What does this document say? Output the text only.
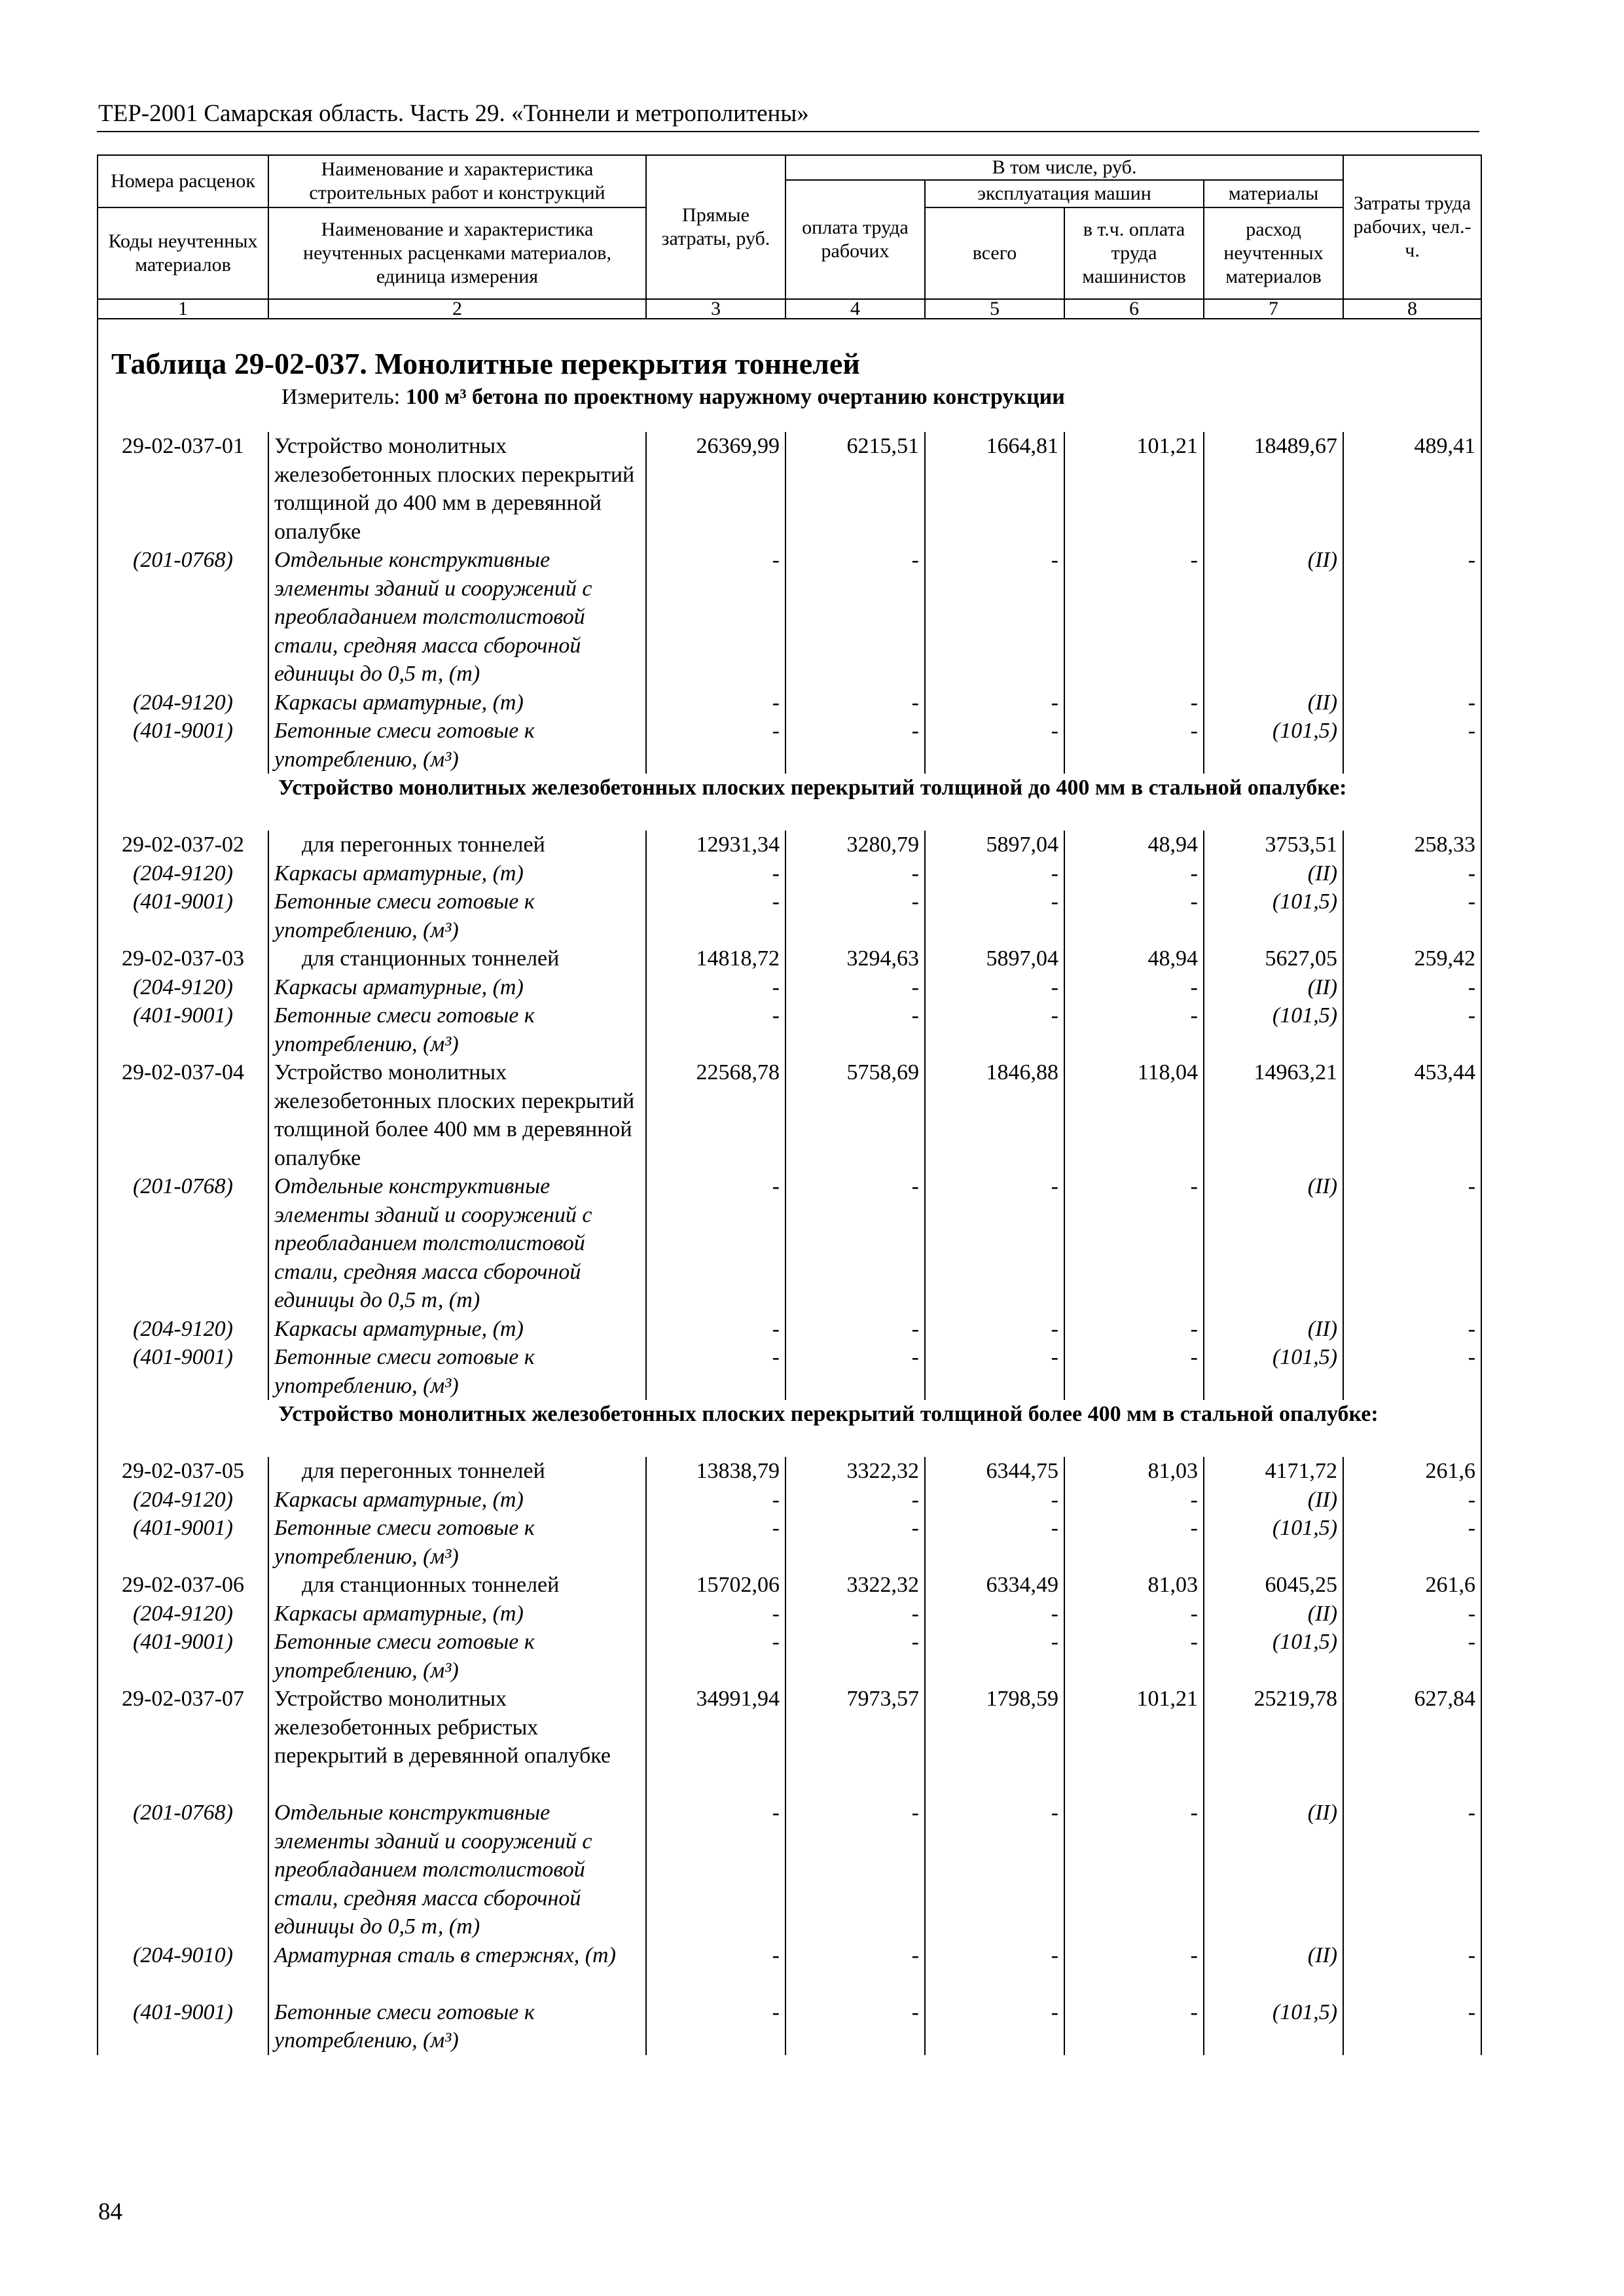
ТЕР-2001 Самарская область. Часть 29. «Тоннели и метрополитены»
Номера расценок	Наименование и характеристика строительных работ и конструкций	Прямые затраты, руб.	В том числе, руб.				Затраты труда рабочих, чел.-ч.
			оплата труда рабочих	эксплуатация машин		материалы	
Коды неучтенных материалов	Наименование и характеристика неучтенных расценками материалов, единица измерения			всего	в т.ч. оплата труда машинистов	расход неучтенных материалов	

1	2	3	4	5	6	7	8

Таблица 29-02-037. Монолитные перекрытия тоннелей
Измеритель: 100 м³ бетона по проектному наружному очертанию конструкции							

29-02-037-01	Устройство монолитных железобетонных плоских перекрытий толщиной до 400 мм в деревянной опалубке	26369,99	6215,51	1664,81	101,21	18489,67	489,41
(201-0768)	Отдельные конструктивные элементы зданий и сооружений с преобладанием толстолистовой стали, средняя масса сборочной единицы до 0,5 т, (т)	-	-	-	-	(II)	-
(204-9120)	Каркасы арматурные, (т)	-	-	-	-	(II)	-
(401-9001)	Бетонные смеси готовые к употреблению, (м³)	-	-	-	-	(101,5)	-
Устройство монолитных железобетонных плоских перекрытий толщиной до 400 мм в стальной опалубке:							
29-02-037-02	для перегонных тоннелей	12931,34	3280,79	5897,04	48,94	3753,51	258,33
(204-9120)	Каркасы арматурные, (т)	-	-	-	-	(II)	-
(401-9001)	Бетонные смеси готовые к употреблению, (м³)	-	-	-	-	(101,5)	-
29-02-037-03	для станционных тоннелей	14818,72	3294,63	5897,04	48,94	5627,05	259,42
(204-9120)	Каркасы арматурные, (т)	-	-	-	-	(II)	-
(401-9001)	Бетонные смеси готовые к употреблению, (м³)	-	-	-	-	(101,5)	-
29-02-037-04	Устройство монолитных железобетонных плоских перекрытий толщиной более 400 мм в деревянной опалубке	22568,78	5758,69	1846,88	118,04	14963,21	453,44
(201-0768)	Отдельные конструктивные элементы зданий и сооружений с преобладанием толстолистовой стали, средняя масса сборочной единицы до 0,5 т, (т)	-	-	-	-	(II)	-
(204-9120)	Каркасы арматурные, (т)	-	-	-	-	(II)	-
(401-9001)	Бетонные смеси готовые к употреблению, (м³)	-	-	-	-	(101,5)	-
Устройство монолитных железобетонных плоских перекрытий толщиной более 400 мм в стальной опалубке:							
29-02-037-05	для перегонных тоннелей	13838,79	3322,32	6344,75	81,03	4171,72	261,6
(204-9120)	Каркасы арматурные, (т)	-	-	-	-	(II)	-
(401-9001)	Бетонные смеси готовые к употреблению, (м³)	-	-	-	-	(101,5)	-
29-02-037-06	для станционных тоннелей	15702,06	3322,32	6334,49	81,03	6045,25	261,6
(204-9120)	Каркасы арматурные, (т)	-	-	-	-	(II)	-
(401-9001)	Бетонные смеси готовые к употреблению, (м³)	-	-	-	-	(101,5)	-
29-02-037-07	Устройство монолитных железобетонных ребристых перекрытий в деревянной опалубке	34991,94	7973,57	1798,59	101,21	25219,78	627,84
(201-0768)	Отдельные конструктивные элементы зданий и сооружений с преобладанием толстолистовой стали, средняя масса сборочной единицы до 0,5 т, (т)	-	-	-	-	(II)	-
(204-9010)	Арматурная сталь в стержнях, (т)	-	-	-	-	(II)	-
(401-9001)	Бетонные смеси готовые к употреблению, (м³)	-	-	-	-	(101,5)	-
84
